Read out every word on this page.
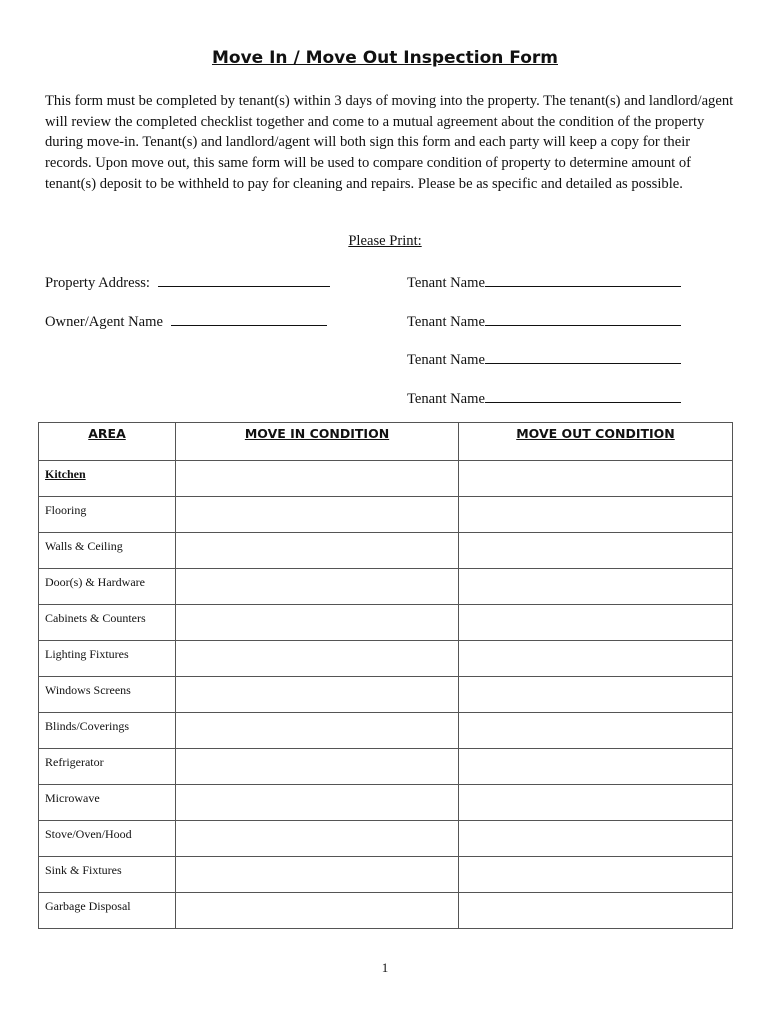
Move In / Move Out Inspection Form

This form must be completed by tenant(s) within 3 days of moving into the property. The tenant(s) and landlord/agent will review the completed checklist together and come to a mutual agreement about the condition of the property during move-in. Tenant(s) and landlord/agent will both sign this form and each party will keep a copy for their records. Upon move out, this same form will be used to compare condition of property to determine amount of tenant(s) deposit to be withheld to pay for cleaning and repairs. Please be as specific and detailed as possible.

Please Print:
Property Address:	Tenant Name
Owner/Agent Name	Tenant Name
Tenant Name
Tenant Name
AREA	MOVE IN CONDITION	MOVE OUT CONDITION

Kitchen		

Flooring		

Walls & Ceiling		

Door(s) & Hardware		

Cabinets & Counters		

Lighting Fixtures		

Windows Screens		

Blinds/Coverings		

Refrigerator		

Microwave		

Stove/Oven/Hood		

Sink & Fixtures		

Garbage Disposal		

1
